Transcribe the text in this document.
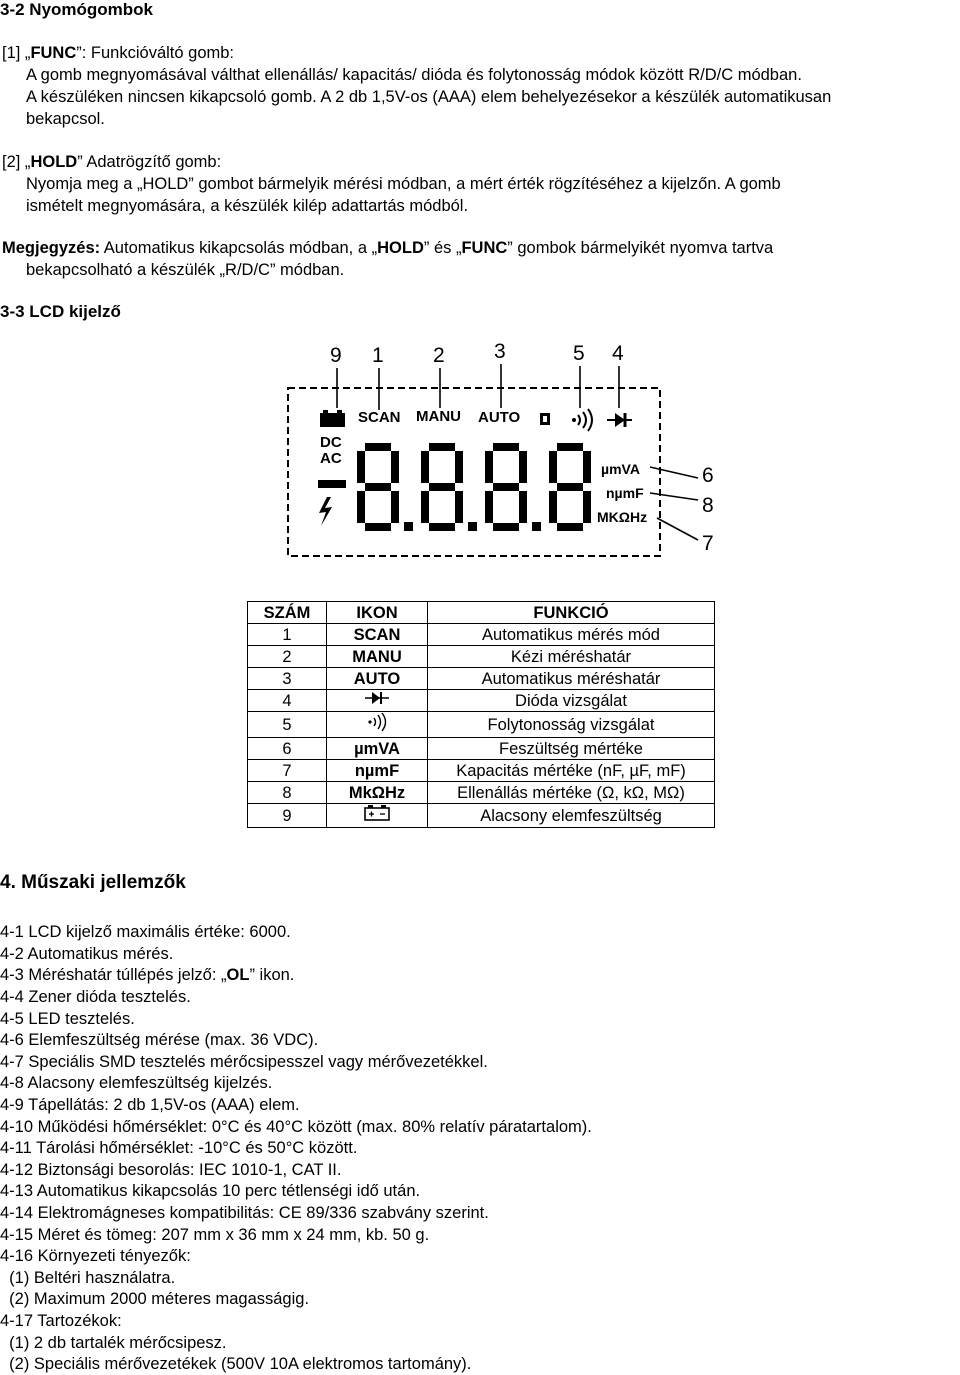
3-2 Nyomógombok
[1] „FUNC”: Funkcióváltó gomb:
A gomb megnyomásával válthat ellenállás/ kapacitás/ dióda és folytonosság módok között R/D/C módban.
A készüléken nincsen kikapcsoló gomb. A 2 db 1,5V-os (AAA) elem behelyezésekor a készülék automatikusan
bekapcsol.
[2] „HOLD” Adatrögzítő gomb:
Nyomja meg a „HOLD” gombot bármelyik mérési módban, a mért érték rögzítéséhez a kijelzőn. A gomb
ismételt megnyomására, a készülék kilép adattartás módból.
Megjegyzés: Automatikus kikapcsolás módban, a „HOLD” és „FUNC” gombok bármelyikét nyomva tartva
bekapcsolható a készülék „R/D/C” módban.
3-3 LCD kijelző
9 1 2 3	5 4
6
8
7
SCAN MANU AUTO
DC
AC
µmVA
nµmF
MKΩHz
SZÁM	IKON	FUNKCIÓ
1	SCAN	Automatikus mérés mód
2	MANU	Kézi méréshatár
3	AUTO	Automatikus méréshatár
4		Dióda vizsgálat
5		Folytonosság vizsgálat
6	µmVA	Feszültség mértéke
7	nµmF	Kapacitás mértéke (nF, µF, mF)
8	MkΩHz	Ellenállás mértéke (Ω, kΩ, MΩ)
9		Alacsony elemfeszültség
4. Műszaki jellemzők
4-1 LCD kijelző maximális értéke: 6000.
4-2 Automatikus mérés.
4-3 Méréshatár túllépés jelző: „OL” ikon.
4-4 Zener dióda tesztelés.
4-5 LED tesztelés.
4-6 Elemfeszültség mérése (max. 36 VDC).
4-7 Speciális SMD tesztelés mérőcsipesszel vagy mérővezetékkel.
4-8 Alacsony elemfeszültség kijelzés.
4-9 Tápellátás: 2 db 1,5V-os (AAA) elem.
4-10 Működési hőmérséklet: 0°C és 40°C között (max. 80% relatív páratartalom).
4-11 Tárolási hőmérséklet: -10°C és 50°C között.
4-12 Biztonsági besorolás: IEC 1010-1, CAT II.
4-13 Automatikus kikapcsolás 10 perc tétlenségi idő után.
4-14 Elektromágneses kompatibilitás: CE 89/336 szabvány szerint.
4-15 Méret és tömeg: 207 mm x 36 mm x 24 mm, kb. 50 g.
4-16 Környezeti tényezők:
(1) Beltéri használatra.
(2) Maximum 2000 méteres magasságig.
4-17 Tartozékok:
(1) 2 db tartalék mérőcsipesz.
(2) Speciális mérővezetékek (500V 10A elektromos tartomány).
